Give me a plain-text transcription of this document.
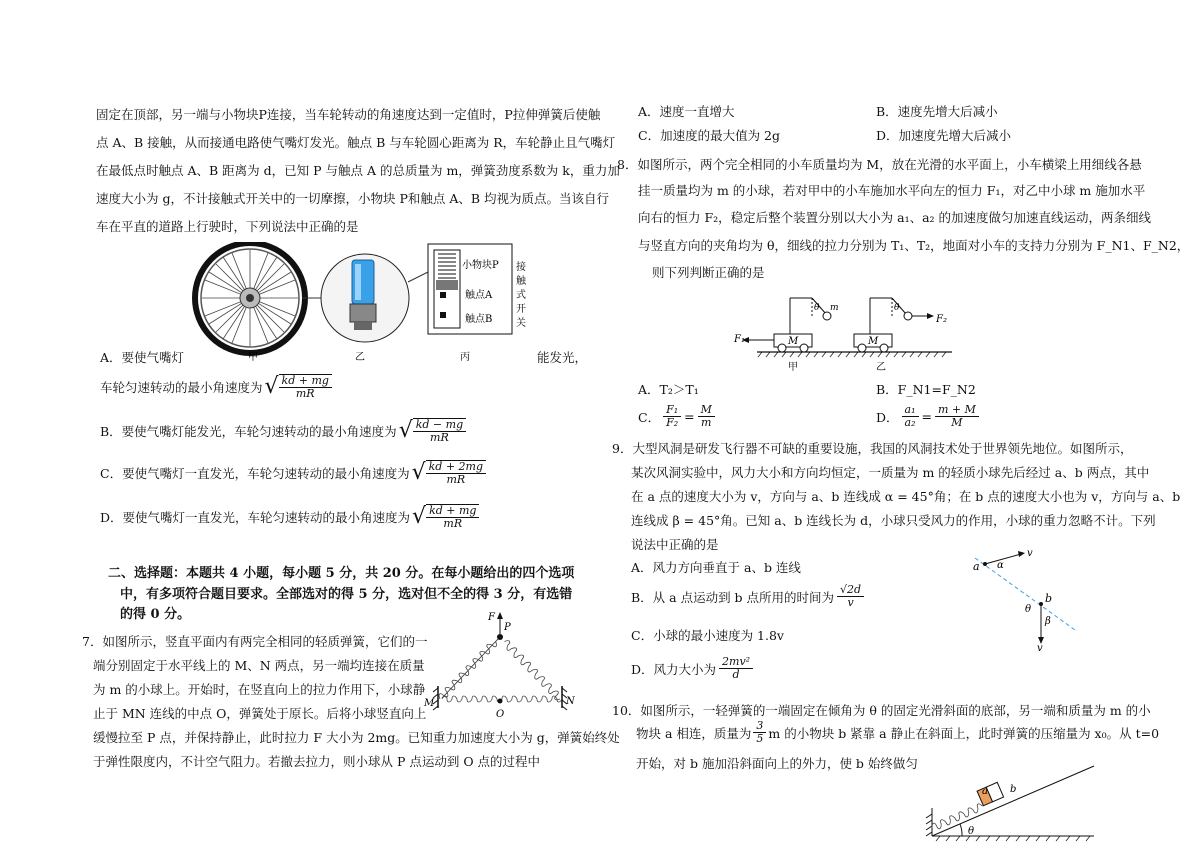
固定在顶部，另一端与小物块P连接，当车轮转动的角速度达到一定值时，P拉伸弹簧后使触
点 A、B 接触，从而接通电路使气嘴灯发光。触点 B 与车轮圆心距离为 R，车轮静止且气嘴灯
在最低点时触点 A、B 距离为 d，已知 P 与触点 A 的总质量为 m，弹簧劲度系数为 k，重力加
速度大小为 g，不计接触式开关中的一切摩擦，小物块 P和触点 A、B 均视为质点。当该自行
车在平直的道路上行驶时，下列说法中正确的是
小物块P
触点A
触点B
接
触
式
开
关
甲	乙	丙
A．要使气嘴灯	能发光，
车轮匀速转动的最小角速度为 √ $\frac{kd + mg}{mR}$
B．要使气嘴灯能发光，车轮匀速转动的最小角速度为 √ $\frac{kd - mg}{mR}$
C．要使气嘴灯一直发光，车轮匀速转动的最小角速度为 √ $\frac{kd + 2mg}{mR}$
D．要使气嘴灯一直发光，车轮匀速转动的最小角速度为 √ $\frac{kd + mg}{mR}$
二、选择题：本题共 4 小题，每小题 5 分，共 20 分。在每小题给出的四个选项
中，有多项符合题目要求。全部选对的得 5 分，选对但不全的得 3 分，有选错
的得 0 分。
7．如图所示，竖直平面内有两完全相同的轻质弹簧，它们的一
端分别固定于水平线上的 M、N 两点，另一端均连接在质量
为 m 的小球上。开始时，在竖直向上的拉力作用下，小球静
止于 MN 连线的中点 O，弹簧处于原长。后将小球竖直向上
缓慢拉至 P 点，并保持静止，此时拉力 F 大小为 2mg。已知重力加速度大小为 g，弹簧始终处
于弹性限度内，不计空气阻力。若撤去拉力，则小球从 P 点运动到 O 点的过程中
F
P
M	N
O
A．速度一直增大	B．速度先增大后减小
C．加速度的最大值为 2g	D．加速度先增大后减小
8．如图所示，两个完全相同的小车质量均为 M，放在光滑的水平面上，小车横梁上用细线各悬
挂一质量均为 m 的小球，若对甲中的小车施加水平向左的恒力 F₁，对乙中小球 m 施加水平
向右的恒力 F₂，稳定后整个装置分别以大小为 a₁、a₂ 的加速度做匀加速直线运动，两条细线
与竖直方向的夹角均为 θ，细线的拉力分别为 T₁、T₂，地面对小车的支持力分别为 F_N1、F_N2，
则下列判断正确的是
θ m
M
F₁
甲
θ
F₂
M
乙
A．T₂＞T₁	B．F_N1=F_N2
C． $\frac{\text{F₁}}{\text{F₂}} = \frac{M}{m}$	D． $\frac{\text{a₁}}{\text{a₂}} = \frac{m + M}{M}$
9．大型风洞是研发飞行器不可缺的重要设施，我国的风洞技术处于世界领先地位。如图所示，
某次风洞实验中，风力大小和方向均恒定，一质量为 m 的轻质小球先后经过 a、b 两点，其中
在 a 点的速度大小为 v，方向与 a、b 连线成 α = 45°角；在 b 点的速度大小也为 v，方向与 a、b
连线成 β = 45°角。已知 a、b 连线长为 d，小球只受风力的作用，小球的重力忽略不计。下列
说法中正确的是
A．风力方向垂直于 a、b 连线
B．从 a 点运动到 b 点所用的时间为 $\frac{√2d}{v}$
C．小球的最小速度为 1.8v
D．风力大小为 $\frac{\text{2mv²}}{d}$
a α
v
b
θ
β
v
10．如图所示，一轻弹簧的一端固定在倾角为 θ 的固定光滑斜面的底部，另一端和质量为 m 的小
物块 a 相连，质量为 $\frac{3}{5}$ m 的小物块 b 紧靠 a 静止在斜面上，此时弹簧的压缩量为 x₀。从 t=0
开始，对 b 施加沿斜面向上的外力，使 b 始终做匀
a b
θ
